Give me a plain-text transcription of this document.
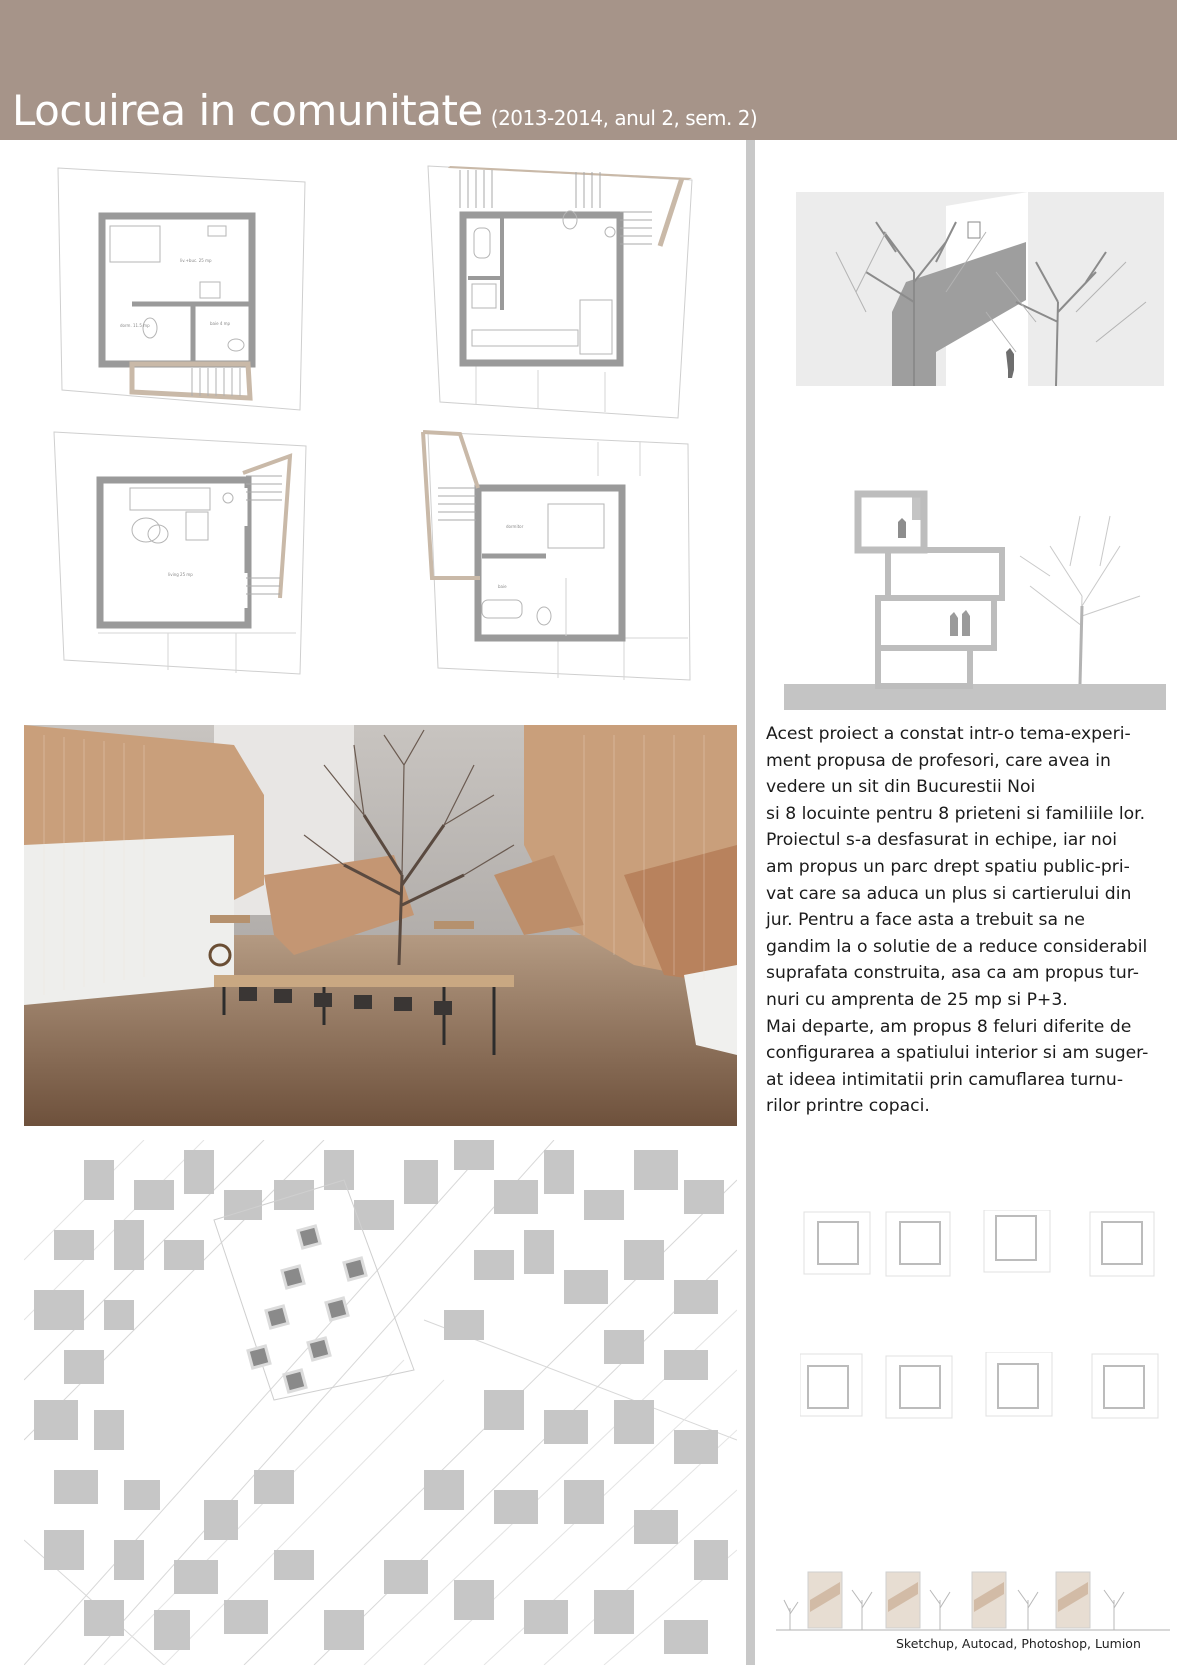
Locuirea in comunitate (2013-2014, anul 2, sem. 2)
liv.+buc. 25 mp
dorm. 11.5 mp	baie 4 mp
living 25 mp
dormitor
baie
Acest proiect a constat intr-o tema-experi-
ment propusa de profesori, care avea in
vedere un sit din Bucurestii Noi
si 8 locuinte pentru 8 prieteni si familiile lor.
Proiectul s-a desfasurat in echipe, iar noi
am propus un parc drept spatiu public-pri-
vat care sa aduca un plus si cartierului din
jur. Pentru a face asta a trebuit sa ne
gandim la o solutie de a reduce considerabil
suprafata construita, asa ca am propus tur-
nuri cu amprenta de 25 mp si P+3.
Mai departe, am propus 8 feluri diferite de
configurarea a spatiului interior si am suger-
at ideea intimitatii prin camuflarea turnu-
rilor printre copaci.
Sketchup, Autocad, Photoshop, Lumion
